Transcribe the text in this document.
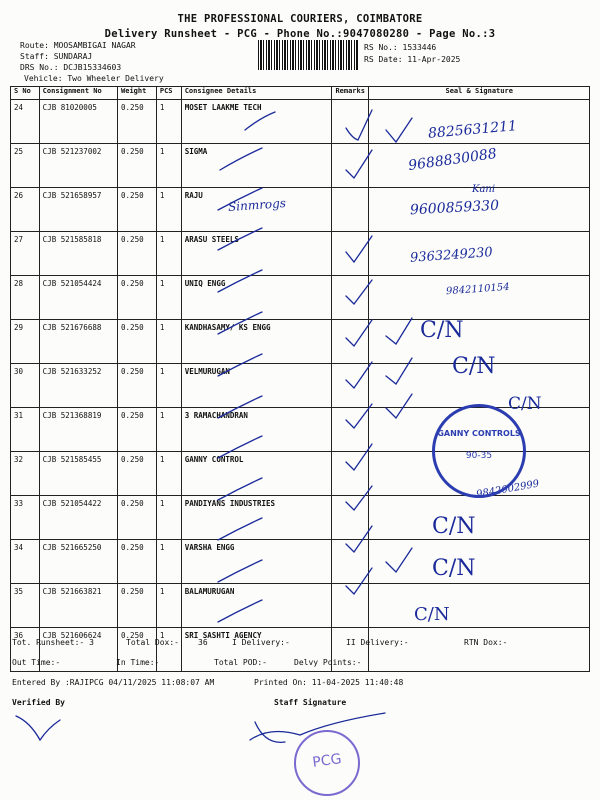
THE PROFESSIONAL COURIERS, COIMBATORE
Delivery Runsheet - PCG - Phone No.:9047080280 - Page No.:3
Route: MOOSAMBIGAI NAGAR
Staff: SUNDARAJ
DRS No.: DCJB15334603
Vehicle: Two Wheeler Delivery
RS No.: 1533446
RS Date: 11-Apr-2025
S No	Consignment No	Weight	PCS	Consignee Details	Remarks	Seal & Signature
24	CJB 81020005	0.250	1	MOSET LAAKME TECH		
25	CJB 521237002	0.250	1	SIGMA		
26	CJB 521658957	0.250	1	RAJU		
27	CJB 521585818	0.250	1	ARASU STEELS		
28	CJB 521054424	0.250	1	UNIQ ENGG		
29	CJB 521676688	0.250	1	KANDHASAMY/ KS ENGG		
30	CJB 521633252	0.250	1	VELMURUGAN		
31	CJB 521368819	0.250	1	3 RAMACHANDRAN		
32	CJB 521585455	0.250	1	GANNY CONTROL		
33	CJB 521054422	0.250	1	PANDIYANS INDUSTRIES		
34	CJB 521665250	0.250	1	VARSHA ENGG		
35	CJB 521663821	0.250	1	BALAMURUGAN		
36	CJB 521606624	0.250	1	SRI SASHTI AGENCY		
8825631211
9688830088
Kani
9600859330
Sinmrogs
9363249230
9842110154
C/N
C/N
C/N
9842002999
C/N
C/N
C/N
GANNY CONTROLS
90-35
Tot. Runsheet:- 3	Total Dox:- 36	I Delivery:-	II Delivery:-	RTN Dox:-
Out Time:-	In Time:-	Total POD:-	Delvy Points:-
Entered By :RAJIPCG 04/11/2025 11:08:07 AM	Printed On: 11-04-2025 11:40:48
Verified By	Staff Signature
PCG
